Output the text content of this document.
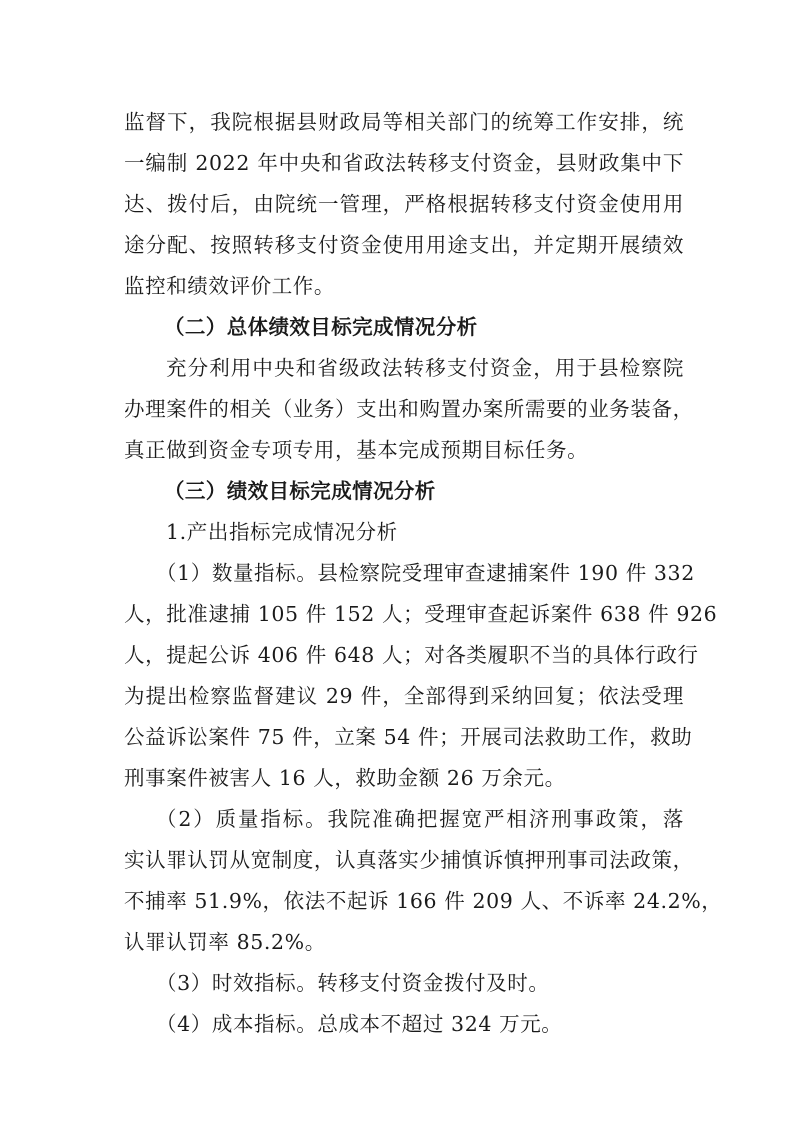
监督下，我院根据县财政局等相关部门的统筹工作安排，统
一编制 2022 年中央和省政法转移支付资金，县财政集中下
达、拨付后，由院统一管理，严格根据转移支付资金使用用
途分配、按照转移支付资金使用用途支出，并定期开展绩效
监控和绩效评价工作。
（二）总体绩效目标完成情况分析
充分利用中央和省级政法转移支付资金，用于县检察院
办理案件的相关（业务）支出和购置办案所需要的业务装备，
真正做到资金专项专用，基本完成预期目标任务。
（三）绩效目标完成情况分析
1.产出指标完成情况分析
（1）数量指标。县检察院受理审查逮捕案件 190 件 332
人，批准逮捕 105 件 152 人；受理审查起诉案件 638 件 926
人，提起公诉 406 件 648 人；对各类履职不当的具体行政行
为提出检察监督建议 29 件，全部得到采纳回复；依法受理
公益诉讼案件 75 件，立案 54 件；开展司法救助工作，救助
刑事案件被害人 16 人，救助金额 26 万余元。
（2）质量指标。我院准确把握宽严相济刑事政策，落
实认罪认罚从宽制度，认真落实少捕慎诉慎押刑事司法政策，
不捕率 51.9%，依法不起诉 166 件 209 人、不诉率 24.2%，
认罪认罚率 85.2%。
（3）时效指标。转移支付资金拨付及时。
（4）成本指标。总成本不超过 324 万元。
